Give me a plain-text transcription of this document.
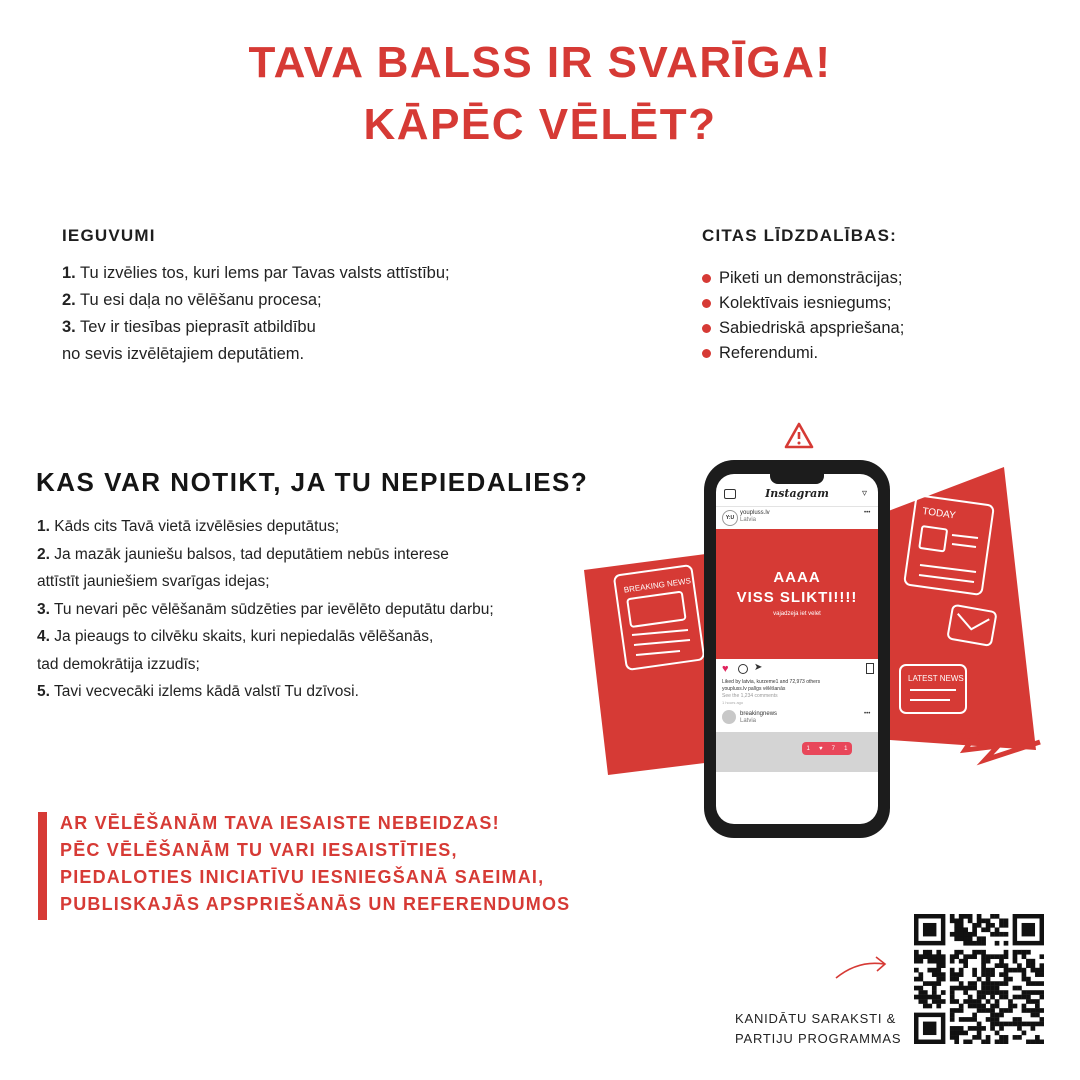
TAVA BALSS IR SVARĪGA!
KĀPĒC VĒLĒT?
IEGUVUMI
1. Tu izvēlies tos, kuri lems par Tavas valsts attīstību;
2. Tu esi daļa no vēlēšanu procesa;
3. Tev ir tiesības pieprasīt atbildību
no sevis izvēlētajiem deputātiem.
CITAS LĪDZDALĪBAS:
Piketi un demonstrācijas;
Kolektīvais iesniegums;
Sabiedriskā apspriešana;
Referendumi.
KAS VAR NOTIKT, JA TU NEPIEDALIES?
1. Kāds cits Tavā vietā izvēlēsies deputātus;
2. Ja mazāk jauniešu balsos, tad deputātiem nebūs interese
attīstīt jauniešiem svarīgas idejas;
3. Tu nevari pēc vēlēšanām sūdzēties par ievēlēto deputātu darbu;
4. Ja pieaugs to cilvēku skaits, kuri nepiedalās vēlēšanās,
tad demokrātija izzudīs;
5. Tavi vecvecāki izlems kādā valstī Tu dzīvosi.
AR VĒLĒŠANĀM TAVA IESAISTE NEBEIDZAS!
PĒC VĒLĒŠANĀM TU VARI IESAISTĪTIES,
PIEDALOTIES INICIATĪVU IESNIEGŠANĀ SAEIMAI,
PUBLISKAJĀS APSPRIEŠANĀS UN REFERENDUMOS
BREAKING NEWS
TODAY
LATEST NEWS
Instagram	▿
Y:U
youpluss.lv
Latvia
•••
AAAA
VISS SLIKTI!!!!
vajadzeja iet velet
♥	➤
Liked by latvia, kurzeme1 and 72,973 others
youpluss.lv palīgs vēlēšanās
See the 1,234 comments
1 hours ago
breakingnews
Latvia
•••
1 ♥ 7 1
KANIDĀTU SARAKSTI &
PARTIJU PROGRAMMAS
